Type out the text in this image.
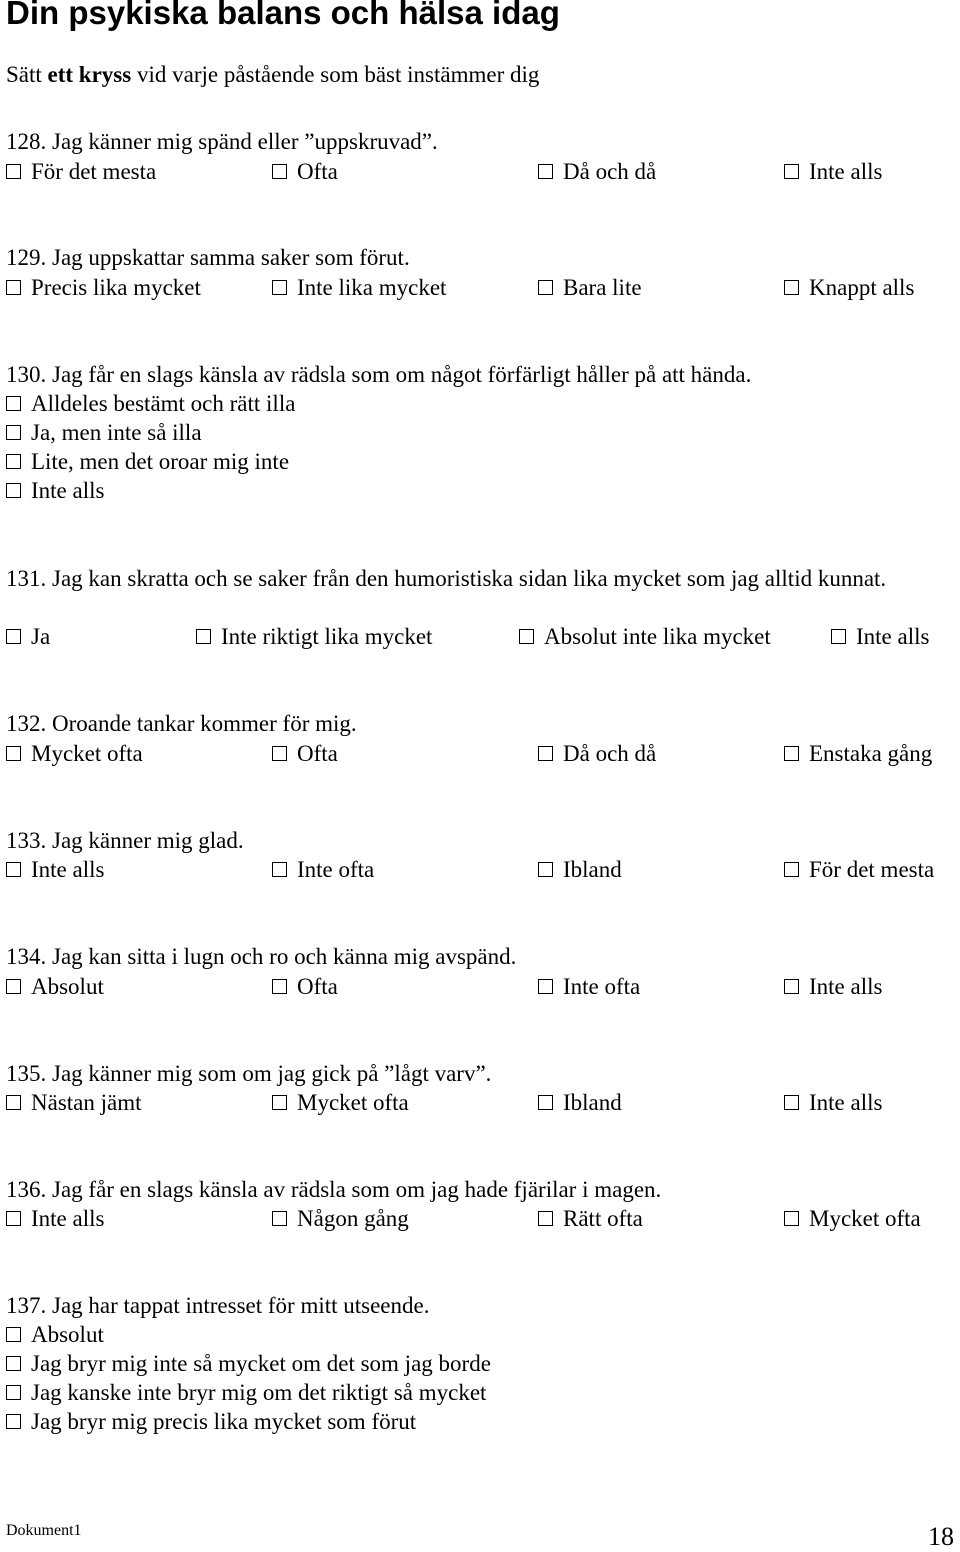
Din psykiska balans och hälsa idag
Sätt ett kryss vid varje påstående som bäst instämmer dig
128. Jag känner mig spänd eller ”uppskruvad”.
För det mesta	Ofta	Då och då	Inte alls
129. Jag uppskattar samma saker som förut.
Precis lika mycket	Inte lika mycket	Bara lite	Knappt alls
130. Jag får en slags känsla av rädsla som om något förfärligt håller på att hända.
Alldeles bestämt och rätt illa
Ja, men inte så illa
Lite, men det oroar mig inte
Inte alls
131. Jag kan skratta och se saker från den humoristiska sidan lika mycket som jag alltid kunnat.
Ja	Inte riktigt lika mycket	Absolut inte lika mycket	Inte alls
132. Oroande tankar kommer för mig.
Mycket ofta	Ofta	Då och då	Enstaka gång
133. Jag känner mig glad.
Inte alls	Inte ofta	Ibland	För det mesta
134. Jag kan sitta i lugn och ro och känna mig avspänd.
Absolut	Ofta	Inte ofta	Inte alls
135. Jag känner mig som om jag gick på ”lågt varv”.
Nästan jämt	Mycket ofta	Ibland	Inte alls
136. Jag får en slags känsla av rädsla som om jag hade fjärilar i magen.
Inte alls	Någon gång	Rätt ofta	Mycket ofta
137. Jag har tappat intresset för mitt utseende.
Absolut
Jag bryr mig inte så mycket om det som jag borde
Jag kanske inte bryr mig om det riktigt så mycket
Jag bryr mig precis lika mycket som förut
Dokument1	18
